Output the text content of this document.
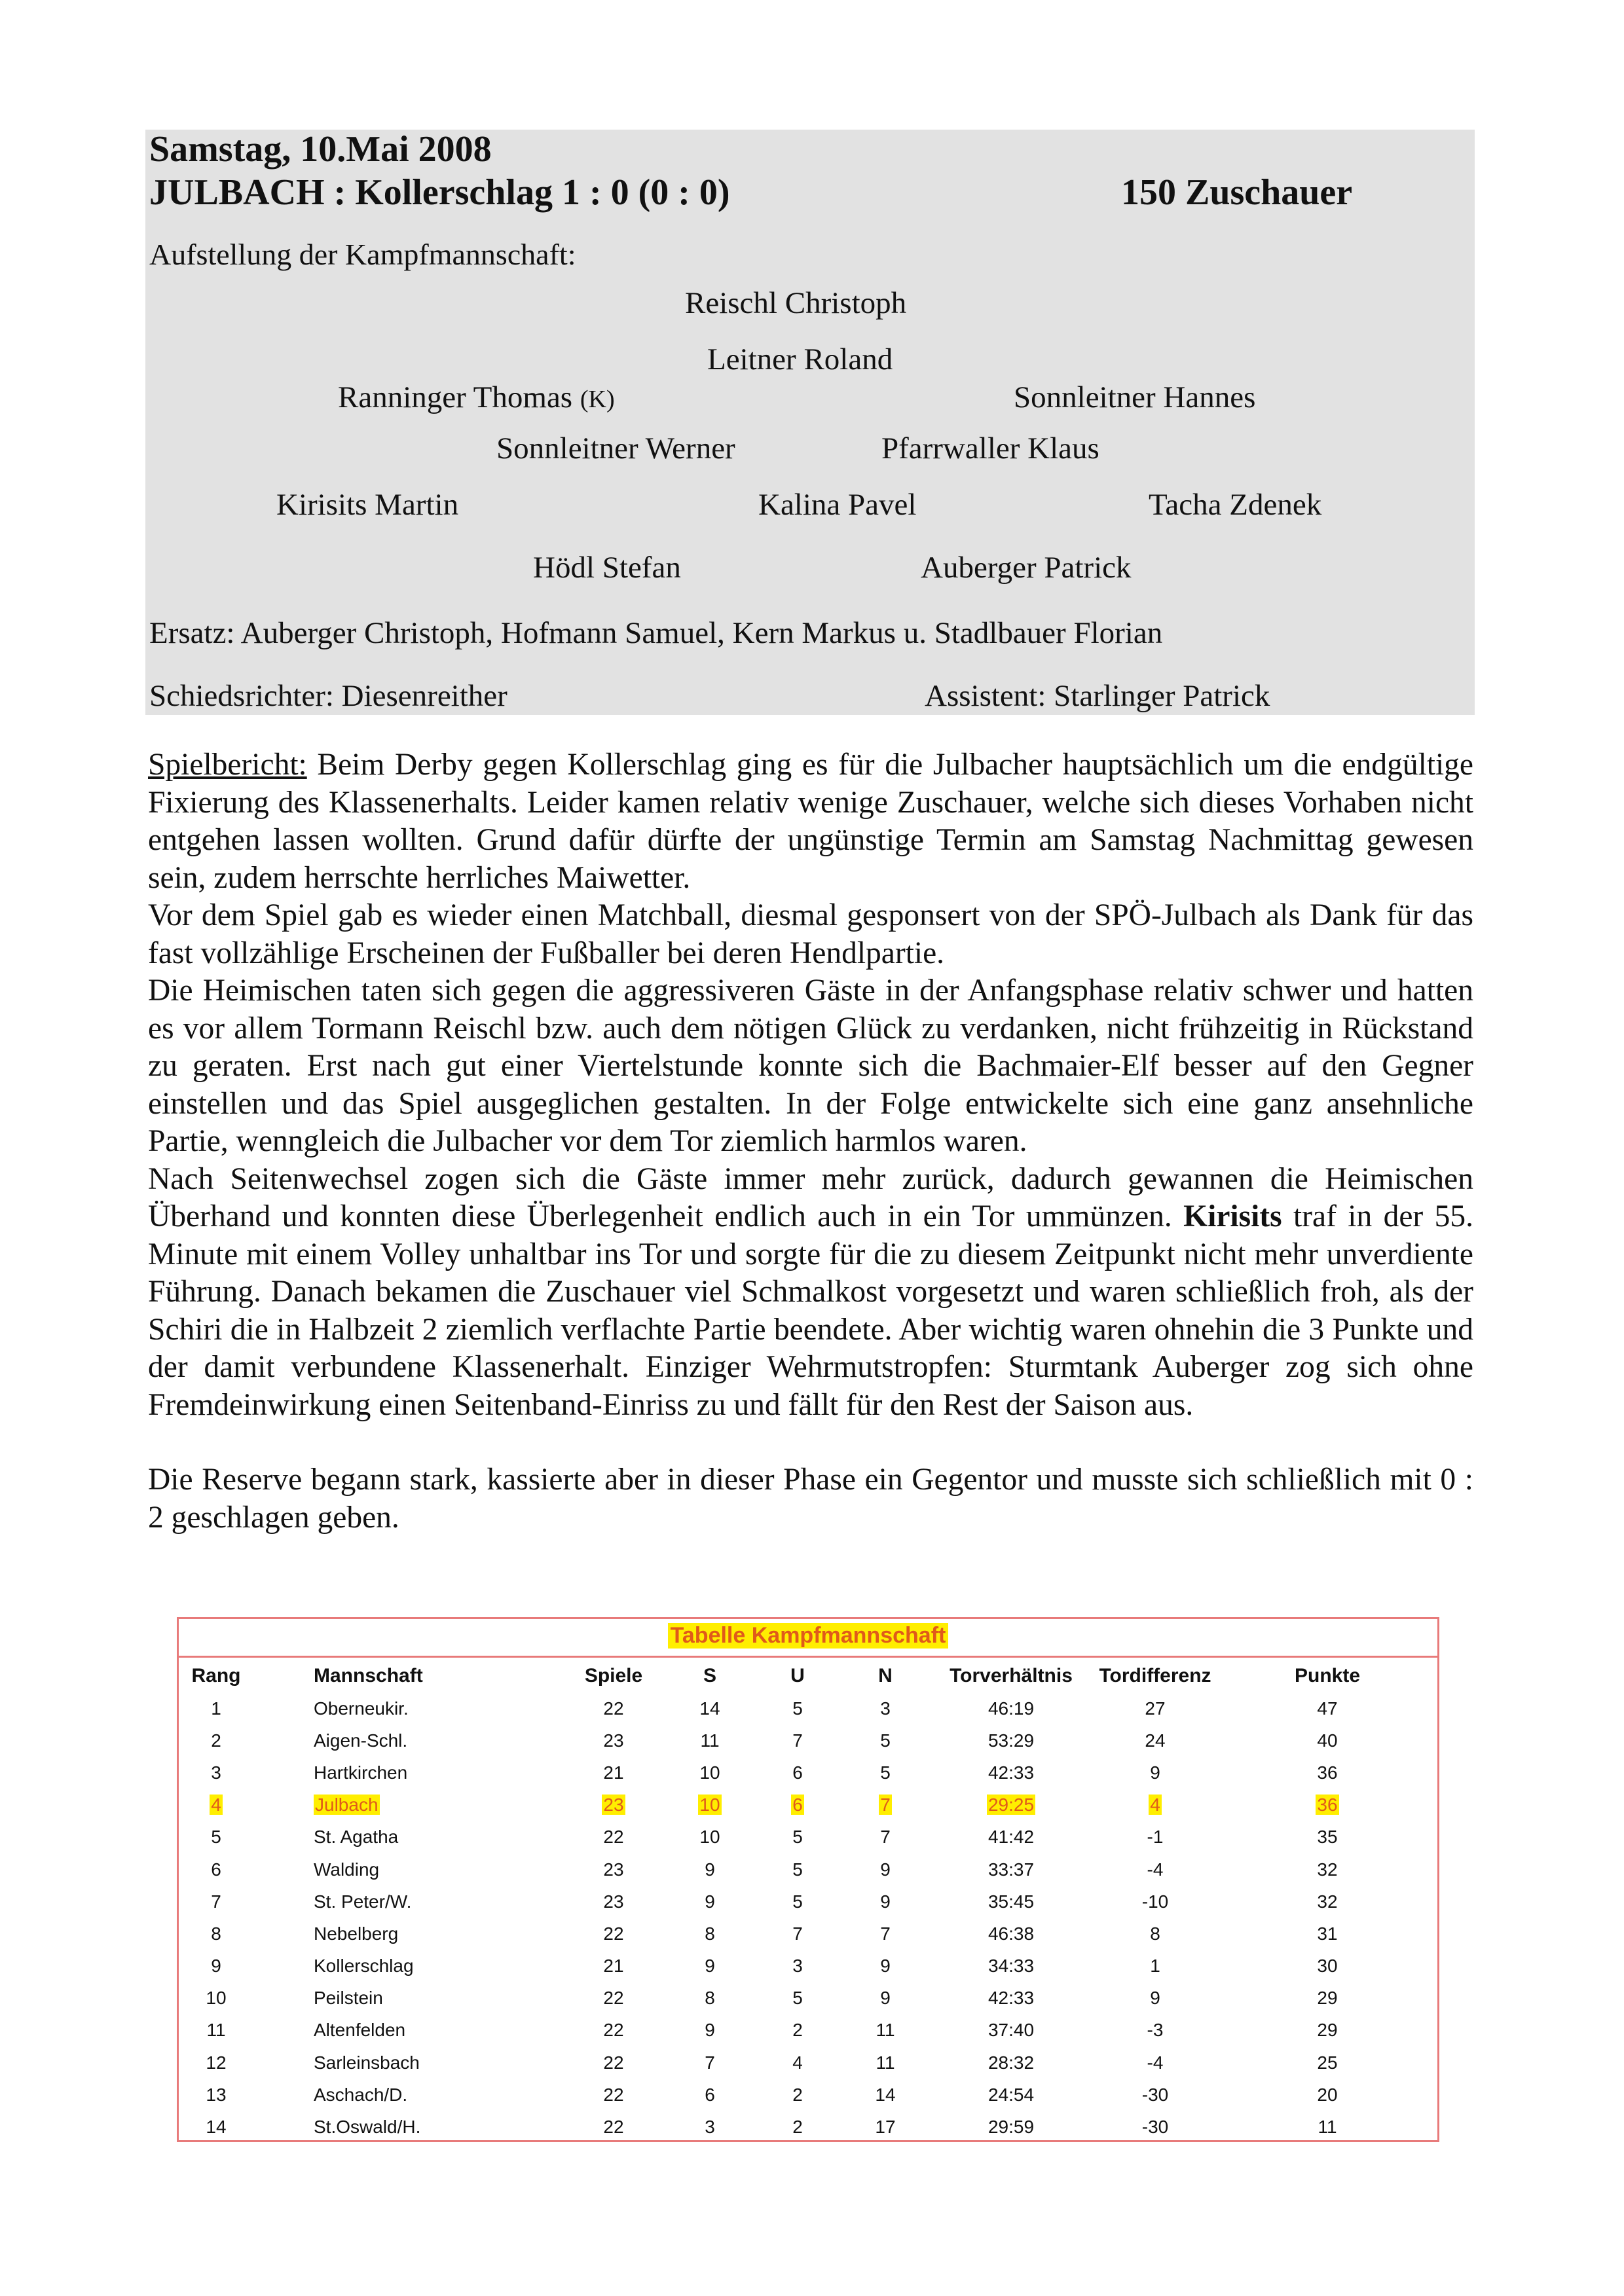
Samstag, 10.Mai 2008
JULBACH : Kollerschlag 1 : 0 (0 : 0)	150 Zuschauer
Aufstellung der Kampfmannschaft:
Reischl Christoph
Leitner Roland
Ranninger Thomas (K)	Sonnleitner Hannes
Sonnleitner Werner	Pfarrwaller Klaus
Kirisits Martin	Kalina Pavel	Tacha Zdenek
Hödl Stefan	Auberger Patrick
Ersatz: Auberger Christoph, Hofmann Samuel, Kern Markus u. Stadlbauer Florian
Schiedsrichter: Diesenreither	Assistent: Starlinger Patrick

Spielbericht: Beim Derby gegen Kollerschlag ging es für die Julbacher hauptsächlich um die endgültige Fixierung des Klassenerhalts. Leider kamen relativ wenige Zuschauer, welche sich dieses Vorhaben nicht entgehen lassen wollten. Grund dafür dürfte der ungünstige Termin am Samstag Nachmittag gewesen sein, zudem herrschte herrliches Maiwetter.

Vor dem Spiel gab es wieder einen Matchball, diesmal gesponsert von der SPÖ-Julbach als Dank für das fast vollzählige Erscheinen der Fußballer bei deren Hendlpartie.

Die Heimischen taten sich gegen die aggressiveren Gäste in der Anfangsphase relativ schwer und hatten es vor allem Tormann Reischl bzw. auch dem nötigen Glück zu verdanken, nicht frühzeitig in Rückstand zu geraten. Erst nach gut einer Viertelstunde konnte sich die Bachmaier-Elf besser auf den Gegner einstellen und das Spiel ausgeglichen gestalten. In der Folge entwickelte sich eine ganz ansehnliche Partie, wenngleich die Julbacher vor dem Tor ziemlich harmlos waren.

Nach Seitenwechsel zogen sich die Gäste immer mehr zurück, dadurch gewannen die Heimischen Überhand und konnten diese Überlegenheit endlich auch in ein Tor ummünzen. Kirisits traf in der 55. Minute mit einem Volley unhaltbar ins Tor und sorgte für die zu diesem Zeitpunkt nicht mehr unverdiente Führung. Danach bekamen die Zuschauer viel Schmalkost vorgesetzt und waren schließlich froh, als der Schiri die in Halbzeit 2 ziemlich verflachte Partie beendete. Aber wichtig waren ohnehin die 3 Punkte und der damit verbundene Klassenerhalt. Einziger Wehrmutstropfen: Sturmtank Auberger zog sich ohne Fremdeinwirkung einen Seitenband-Einriss zu und fällt für den Rest der Saison aus.

Die Reserve begann stark, kassierte aber in dieser Phase ein Gegentor und musste sich schließlich mit 0 : 2 geschlagen geben.

Tabelle Kampfmannschaft
Rang	Mannschaft	Spiele	S	U	N	Torverhältnis	Tordifferenz	Punkte
1	Oberneukir.	22	14	5	3	46:19	27	47
2	Aigen-Schl.	23	11	7	5	53:29	24	40
3	Hartkirchen	21	10	6	5	42:33	9	36
4	Julbach	23	10	6	7	29:25	4	36
5	St. Agatha	22	10	5	7	41:42	-1	35
6	Walding	23	9	5	9	33:37	-4	32
7	St. Peter/W.	23	9	5	9	35:45	-10	32
8	Nebelberg	22	8	7	7	46:38	8	31
9	Kollerschlag	21	9	3	9	34:33	1	30
10	Peilstein	22	8	5	9	42:33	9	29
11	Altenfelden	22	9	2	11	37:40	-3	29
12	Sarleinsbach	22	7	4	11	28:32	-4	25
13	Aschach/D.	22	6	2	14	24:54	-30	20
14	St.Oswald/H.	22	3	2	17	29:59	-30	11
